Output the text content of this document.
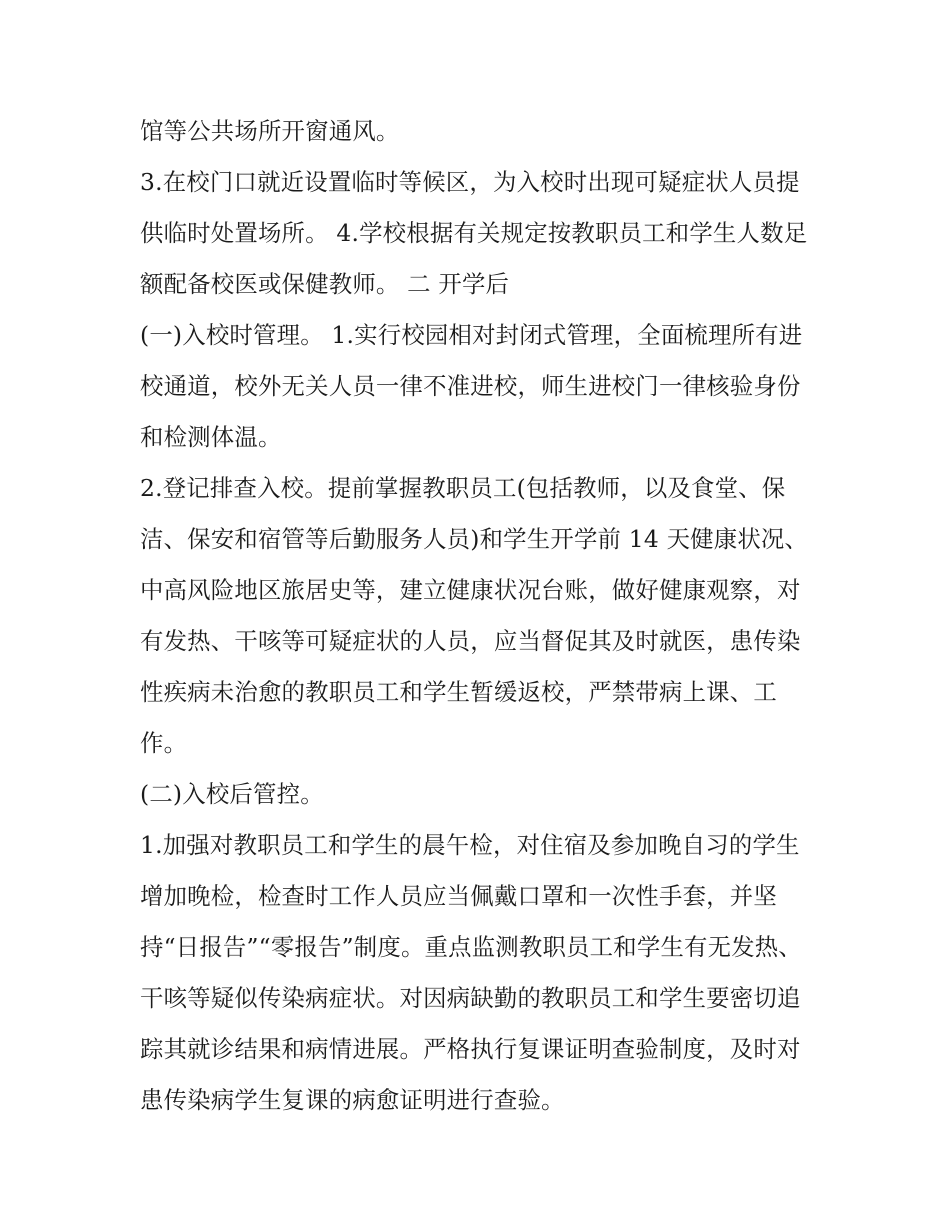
馆等公共场所开窗通风。

3.在校门口就近设置临时等候区，为入校时出现可疑症状人员提供临时处置场所。 4.学校根据有关规定按教职员工和学生人数足额配备校医或保健教师。 二 开学后

(一)入校时管理。 1.实行校园相对封闭式管理，全面梳理所有进校通道，校外无关人员一律不准进校，师生进校门一律核验身份和检测体温。

2.登记排查入校。提前掌握教职员工(包括教师，以及食堂、保洁、保安和宿管等后勤服务人员)和学生开学前 14 天健康状况、中高风险地区旅居史等，建立健康状况台账，做好健康观察，对有发热、干咳等可疑症状的人员，应当督促其及时就医，患传染性疾病未治愈的教职员工和学生暂缓返校，严禁带病上课、工作。

(二)入校后管控。

1.加强对教职员工和学生的晨午检，对住宿及参加晚自习的学生增加晚检，检查时工作人员应当佩戴口罩和一次性手套，并坚持“日报告”“零报告”制度。重点监测教职员工和学生有无发热、干咳等疑似传染病症状。对因病缺勤的教职员工和学生要密切追踪其就诊结果和病情进展。严格执行复课证明查验制度，及时对患传染病学生复课的病愈证明进行查验。
